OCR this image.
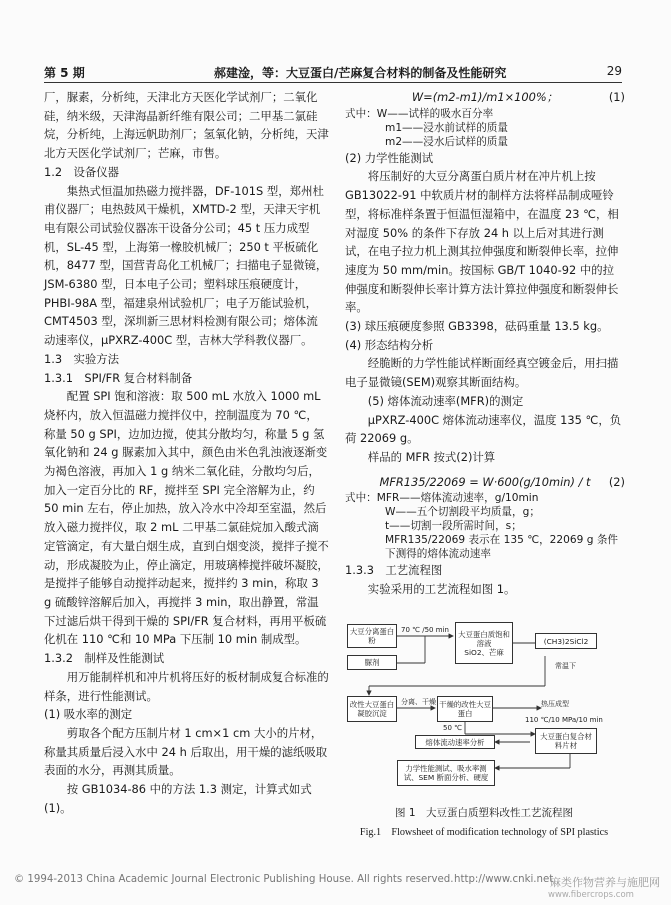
第 5 期	郝建淦，等：大豆蛋白/芒麻复合材料的制备及性能研究	29

厂，脲素，分析纯，天津北方天医化学试剂厂；二氧化硅，纳米级，天津海晶新纤维有限公司；二甲基二氯硅烷，分析纯，上海远帆助剂厂；氢氧化钠，分析纯，天津北方天医化学试剂厂；芒麻，市售。

1.2　设备仪器

集热式恒温加热磁力搅拌器，DF-101S 型，郑州杜甫仪器厂；电热鼓风干燥机，XMTD-2 型，天津天宇机电有限公司试验仪器冻干设备分公司；45 t 压力成型机，SL-45 型，上海第一橡胶机械厂；250 t 平板硫化机，8477 型，国营青岛化工机械厂；扫描电子显微镜，JSM-6380 型，日本电子公司；塑料球压痕硬度计，PHBI-98A 型，福建泉州试验机厂；电子万能试验机，CMT4503 型，深圳新三思材料检测有限公司；熔体流动速率仪，μPXRZ-400C 型，吉林大学科教仪器厂。

1.3　实验方法

1.3.1　SPI/FR 复合材料制备

配置 SPI 饱和溶液：取 500 mL 水放入 1000 mL 烧杯内，放入恒温磁力搅拌仪中，控制温度为 70 ℃，称量 50 g SPI，边加边搅，使其分散均匀，称量 5 g 氢氧化钠和 24 g 脲素加入其中，颜色由米色乳浊液逐渐变为褐色溶液，再加入 1 g 纳米二氧化硅，分散均匀后，加入一定百分比的 RF，搅拌至 SPI 完全溶解为止，约 50 min 左右，停止加热，放入冷水中冷却至室温，然后放入磁力搅拌仪，取 2 mL 二甲基二氯硅烷加入酸式滴定管滴定，有大量白烟生成，直到白烟变淡，搅拌子搅不动，形成凝胶为止，停止滴定，用玻璃棒搅拌破坏凝胶，是搅拌子能够自动搅拌动起来，搅拌约 3 min，称取 3 g 硫酸锌溶解后加入，再搅拌 3 min，取出静置，常温下过滤后烘干得到干燥的 SPI/FR 复合材料，再用平板硫化机在 110 ℃和 10 MPa 下压制 10 min 制成型。

1.3.2　制样及性能测试

用万能制样机和冲片机将压好的板材制成复合标准的样条，进行性能测试。

(1) 吸水率的测定

剪取各个配方压制片材 1 cm×1 cm 大小的片材，称量其质量后浸入水中 24 h 后取出，用干燥的滤纸吸取表面的水分，再测其质量。

按 GB1034-86 中的方法 1.3 测定，计算式如式(1)。

W=(m2-m1)/m1×100%；	(1)

式中：W——试样的吸水百分率
m1——浸水前试样的质量
m2——浸水后试样的质量

(2) 力学性能测试

将压制好的大豆分离蛋白质片材在冲片机上按 GB13022-91 中软质片材的制样方法将样品制成哑铃型，将标准样条置于恒温恒湿箱中，在温度 23 ℃，相对湿度 50% 的条件下存放 24 h 以上后对其进行测试，在电子拉力机上测其拉伸强度和断裂伸长率，拉伸速度为 50 mm/min。按国标 GB/T 1040-92 中的拉伸强度和断裂伸长率计算方法计算拉伸强度和断裂伸长率。

(3) 球压痕硬度参照 GB3398，砝码重量 13.5 kg。

(4) 形态结构分析

经脆断的力学性能试样断面经真空镀金后，用扫描电子显微镜(SEM)观察其断面结构。

(5) 熔体流动速率(MFR)的测定

μPXRZ-400C 熔体流动速率仪，温度 135 ℃，负荷 22069 g。

样品的 MFR 按式(2)计算

MFR135/22069 = W·600(g/10min) / t (2)

式中：MFR——熔体流动速率，g/10min
W——五个切割段平均质量，g；
t——切割一段所需时间，s；
MFR135/22069 表示在 135 ℃，22069 g 条件下测得的熔体流动速率

1.3.3　工艺流程图

实验采用的工艺流程如图 1。

大豆分离蛋白粉
脲剂
大豆蛋白质饱和溶液
SiO2、芒麻
(CH3)2SiCl2
改性大豆蛋白凝胶沉淀
干燥的改性大豆蛋白
大豆蛋白复合材料片材
熔体流动速率分析
力学性能测试、吸水率测试、SEM 断面分析、硬度
70 ℃ /50 min
常温下
分离、干燥
50 ℃
热压成型
110 ℃/10 MPa/10 min
图 1　大豆蛋白质塑料改性工艺流程图
Fig.1　Flowsheet of modification technology of SPI plastics
© 1994-2013 China Academic Journal Electronic Publishing House. All rights reserved. http://www.cnki.net
麻类作物营养与施肥网
www.fibercrops.com
